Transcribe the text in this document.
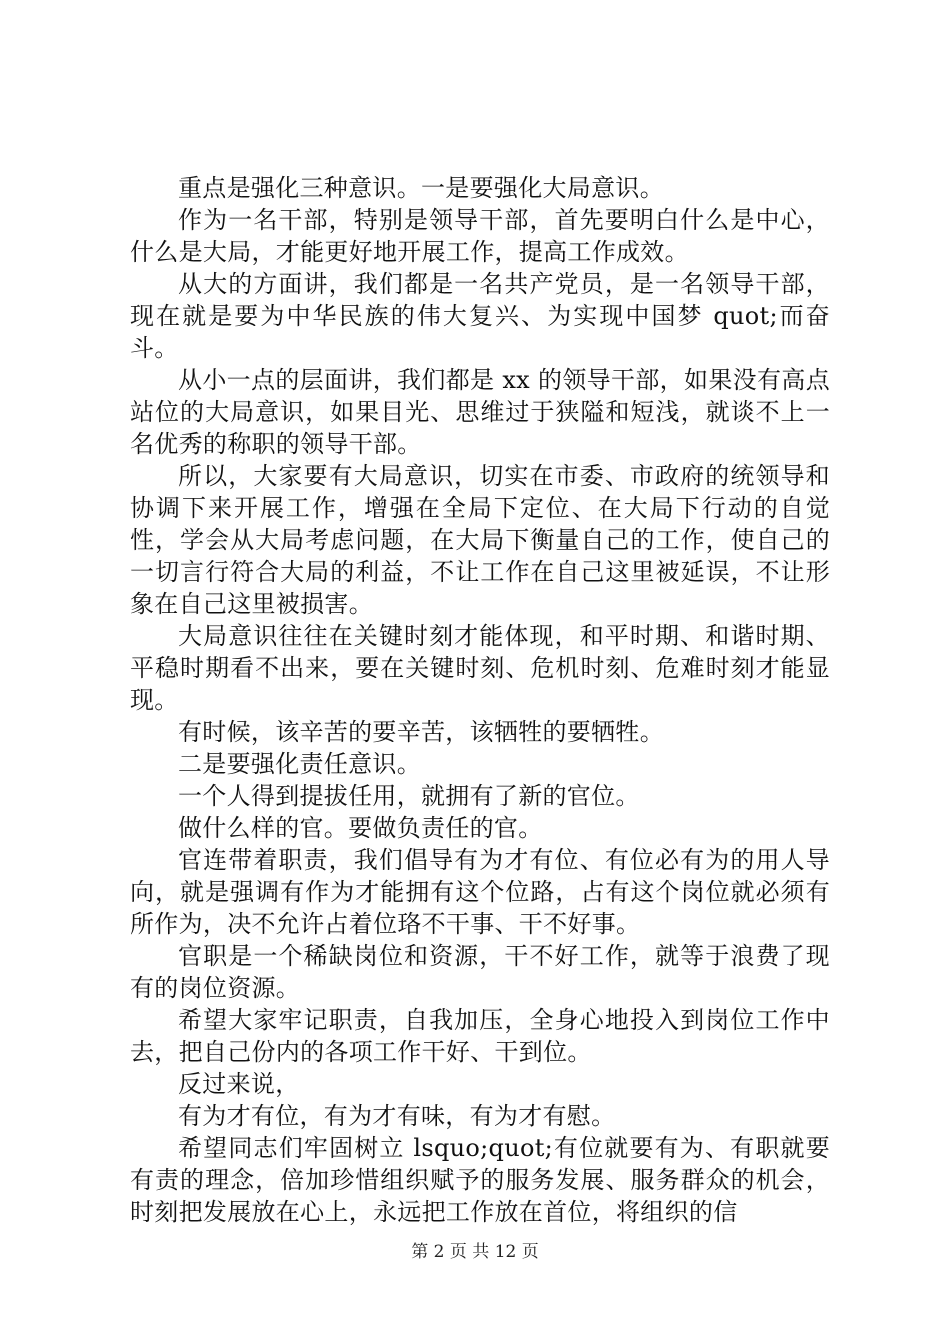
重点是强化三种意识。一是要强化大局意识。

作为一名干部，特别是领导干部，首先要明白什么是中心，什么是大局，才能更好地开展工作，提高工作成效。

从大的方面讲，我们都是一名共产党员，是一名领导干部，现在就是要为中华民族的伟大复兴、为实现中国梦 quot;而奋斗。

从小一点的层面讲，我们都是 xx 的领导干部，如果没有高点站位的大局意识，如果目光、思维过于狭隘和短浅，就谈不上一名优秀的称职的领导干部。

所以，大家要有大局意识，切实在市委、市政府的统领导和协调下来开展工作，增强在全局下定位、在大局下行动的自觉性，学会从大局考虑问题，在大局下衡量自己的工作，使自己的一切言行符合大局的利益，不让工作在自己这里被延误，不让形象在自己这里被损害。

大局意识往往在关键时刻才能体现，和平时期、和谐时期、平稳时期看不出来，要在关键时刻、危机时刻、危难时刻才能显现。

有时候，该辛苦的要辛苦，该牺牲的要牺牲。

二是要强化责任意识。

一个人得到提拔任用，就拥有了新的官位。

做什么样的官。要做负责任的官。

官连带着职责，我们倡导有为才有位、有位必有为的用人导向，就是强调有作为才能拥有这个位路，占有这个岗位就必须有所作为，决不允许占着位珞不干事、干不好事。

官职是一个稀缺岗位和资源，干不好工作，就等于浪费了现有的岗位资源。

希望大家牢记职责，自我加压，全身心地投入到岗位工作中去，把自己份内的各项工作干好、干到位。

反过来说，

有为才有位，有为才有味，有为才有慰。

希望同志们牢固树立 lsquo;quot;有位就要有为、有职就要有责的理念，倍加珍惜组织赋予的服务发展、服务群众的机会，时刻把发展放在心上，永远把工作放在首位，将组织的信

第 2 页 共 12 页
